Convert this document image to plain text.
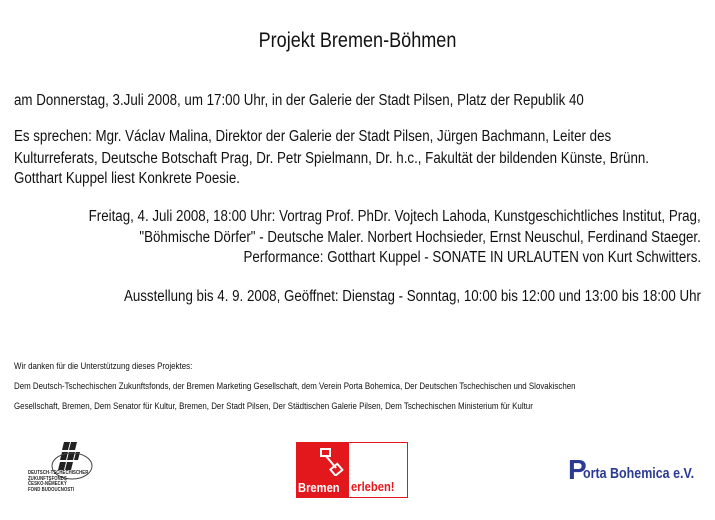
Projekt Bremen-Böhmen
am Donnerstag, 3.Juli 2008, um 17:00 Uhr, in der Galerie der Stadt Pilsen, Platz der Republik 40
Es sprechen: Mgr. Václav Malina, Direktor der Galerie der Stadt Pilsen, Jürgen Bachmann, Leiter des
Kulturreferats, Deutsche Botschaft Prag, Dr. Petr Spielmann, Dr. h.c., Fakultät der bildenden Künste, Brünn.
Gotthart Kuppel liest Konkrete Poesie.
Freitag, 4. Juli 2008, 18:00 Uhr: Vortrag Prof. PhDr. Vojtech Lahoda, Kunstgeschichtliches Institut, Prag,
"Böhmische Dörfer" - Deutsche Maler. Norbert Hochsieder, Ernst Neuschul, Ferdinand Staeger.
Performance: Gotthart Kuppel - SONATE IN URLAUTEN von Kurt Schwitters.
Ausstellung bis 4. 9. 2008, Geöffnet: Dienstag - Sonntag, 10:00 bis 12:00 und 13:00 bis 18:00 Uhr
Wir danken für die Unterstützung dieses Projektes:
Dem Deutsch-Tschechischen Zukunftsfonds, der Bremen Marketing Gesellschaft, dem Verein Porta Bohemica, Der Deutschen Tschechischen und Slovakischen
Gesellschaft, Bremen, Dem Senator für Kultur, Bremen, Der Stadt Pilsen, Der Städtischen Galerie Pilsen, Dem Tschechischen Ministerium für Kultur
DEUTSCH-TSCHECHISCHER
ZUKUNFTSFONDS
ČESKO-NĚMECKÝ
FOND BUDOUCNOSTI	Bremen erleben!
P
orta Bohemica e.V.
